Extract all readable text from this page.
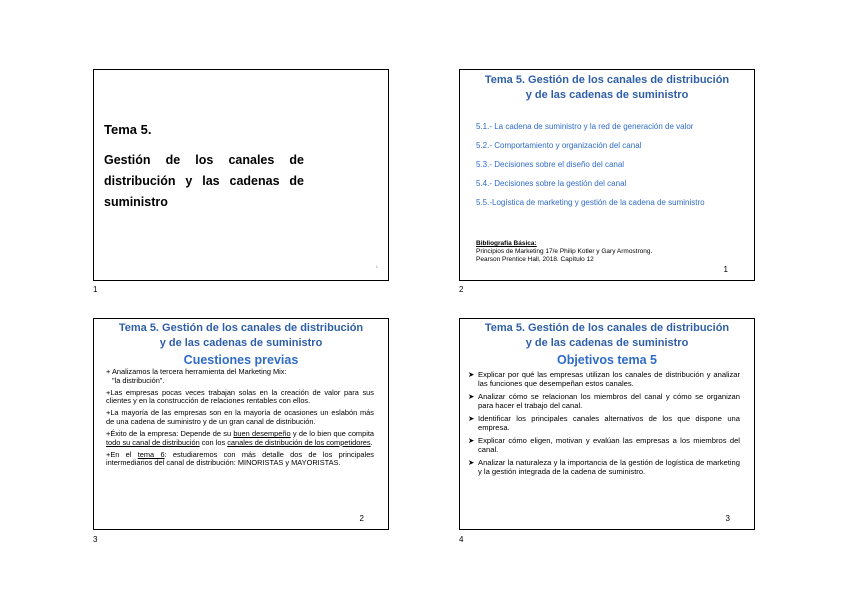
Tema 5.
Gestión de los canales de distribución y las cadenas de suministro
1
1
Tema 5. Gestión de los canales de distribución
y de las cadenas de suministro
5.1.- La cadena de suministro y la red de generación de valor
5.2.- Comportamiento y organización del canal
5.3.- Decisiones sobre el diseño del canal
5.4.- Decisiones sobre la gestión del canal
5.5.-Logística de marketing y gestión de la cadena de suministro
Bibliografía Básica:
Principios de Marketing 17/e Philip Kotler y Gary Armostrong.
Pearson Prentice Hall, 2018. Capítulo 12
1
2
Tema 5. Gestión de los canales de distribución
y de las cadenas de suministro
Cuestiones previas

+ Analizamos la tercera herramienta del Marketing Mix:
"la distribución".

+Las empresas pocas veces trabajan solas en la creación de valor para sus clientes y en la construcción de relaciones rentables con ellos.

+La mayoría de las empresas son en la mayoría de ocasiones un eslabón más de una cadena de suministro y de un gran canal de distribución.

+Éxito de la empresa: Depende de su buen desempeño y de lo bien que compita todo su canal de distribución con los canales de distribución de los competidores.

+En el tema 6: estudiaremos con más detalle dos de los principales intermediarios del canal de distribución: MINORISTAS y MAYORISTAS.

2
3
Tema 5. Gestión de los canales de distribución
y de las cadenas de suministro
Objetivos tema 5
➤ Explicar por qué las empresas utilizan los canales de distribución y analizar las funciones que desempeñan estos canales.
➤ Analizar cómo se relacionan los miembros del canal y cómo se organizan para hacer el trabajo del canal.
➤ Identificar los principales canales alternativos de los que dispone una empresa.
➤ Explicar cómo eligen, motivan y evalúan las empresas a los miembros del canal.
➤ Analizar la naturaleza y la importancia de la gestión de logística de marketing y la gestión integrada de la cadena de suministro.
3
4
